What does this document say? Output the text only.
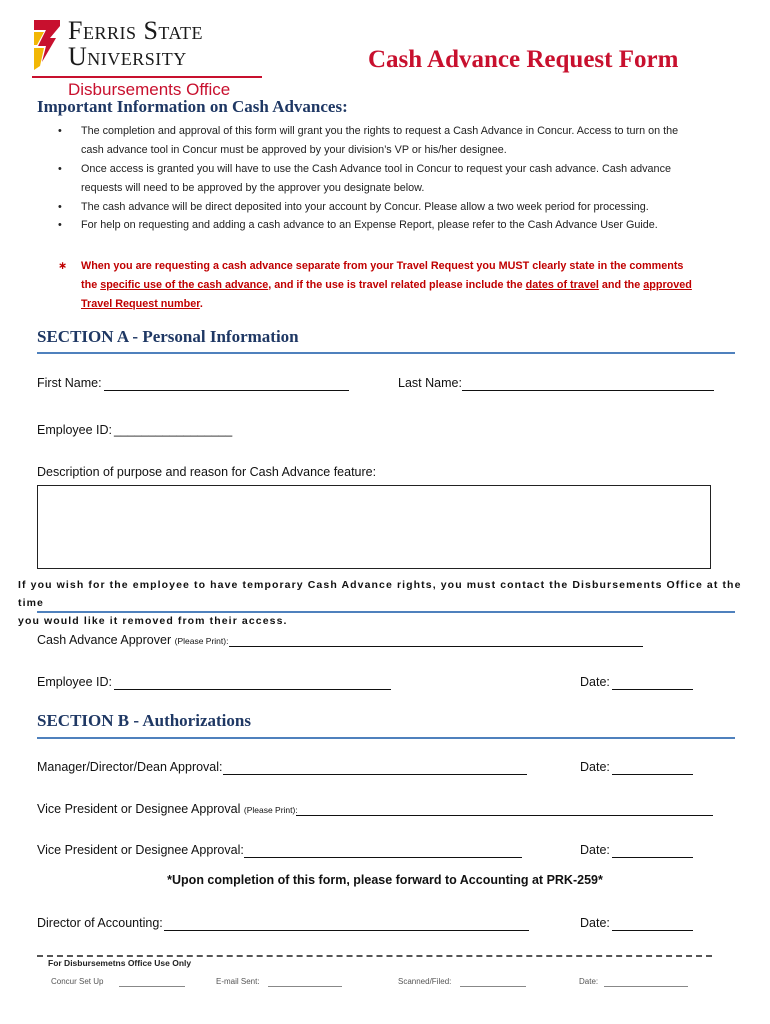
Ferris State
University
Disbursements Office
Cash Advance Request Form
Important Information on Cash Advances:
• The completion and approval of this form will grant you the rights to request a Cash Advance in Concur. Access to turn on the
cash advance tool in Concur must be approved by your division’s VP or his/her designee.
• Once access is granted you will have to use the Cash Advance tool in Concur to request your cash advance. Cash advance
requests will need to be approved by the approver you designate below.
• The cash advance will be direct deposited into your account by Concur. Please allow a two week period for processing.
• For help on requesting and adding a cash advance to an Expense Report, please refer to the Cash Advance User Guide.
∗ When you are requesting a cash advance separate from your Travel Request you MUST clearly state in the comments
the specific use of the cash advance, and if the use is travel related please include the dates of travel and the approved
Travel Request number.
SECTION A - Personal Information
First Name:	Last Name:
Employee ID: _________________
Description of purpose and reason for Cash Advance feature:
If you wish for the employee to have temporary Cash Advance rights, you must contact the Disbursements Office at the time
you would like it removed from their access.
Cash Advance Approver (Please Print):
Employee ID:	Date:
SECTION B - Authorizations
Manager/Director/Dean Approval:	Date:
Vice President or Designee Approval (Please Print):
Vice President or Designee Approval:	Date:
*Upon completion of this form, please forward to Accounting at PRK-259*
Director of Accounting:	Date:
For Disbursemetns Office Use Only
Concur Set Up	E-mail Sent:	Scanned/Filed:	Date:
